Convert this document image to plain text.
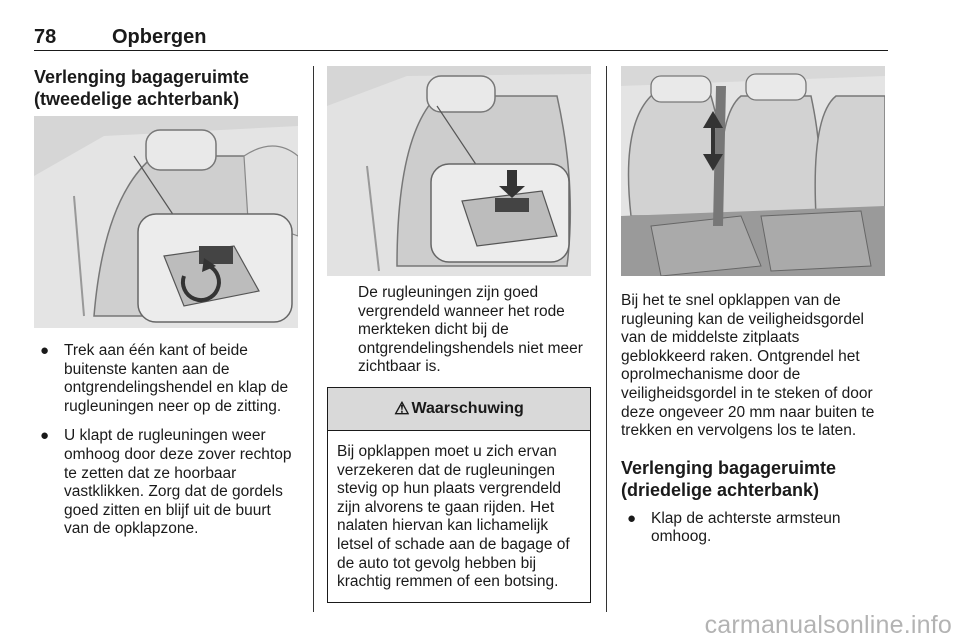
78	Opbergen
Verlenging bagageruimte
(tweedelige achterbank)
● Trek aan één kant of beide buitenste kanten aan de ontgrendelingshendel en klap de rugleuningen neer op de zitting.
● U klapt de rugleuningen weer omhoog door deze zover rechtop te zetten dat ze hoorbaar vastklikken. Zorg dat de gordels goed zitten en blijf uit de buurt van de opklapzone.

De rugleuningen zijn goed vergrendeld wanneer het rode merkteken dicht bij de ontgrendelingshendels niet meer zichtbaar is.

⚠ Waarschuwing
Bij opklappen moet u zich ervan verzekeren dat de rugleuningen stevig op hun plaats vergrendeld zijn alvorens te gaan rijden. Het nalaten hiervan kan lichamelijk letsel of schade aan de bagage of de auto tot gevolg hebben bij krachtig remmen of een botsing.

Bij het te snel opklappen van de rugleuning kan de veiligheidsgordel van de middelste zitplaats geblokkeerd raken. Ontgrendel het oprolmechanisme door de veiligheidsgordel in te steken of door deze ongeveer 20 mm naar buiten te trekken en vervolgens los te laten.

Verlenging bagageruimte
(driedelige achterbank)
● Klap de achterste armsteun omhoog.
carmanualsonline.info
